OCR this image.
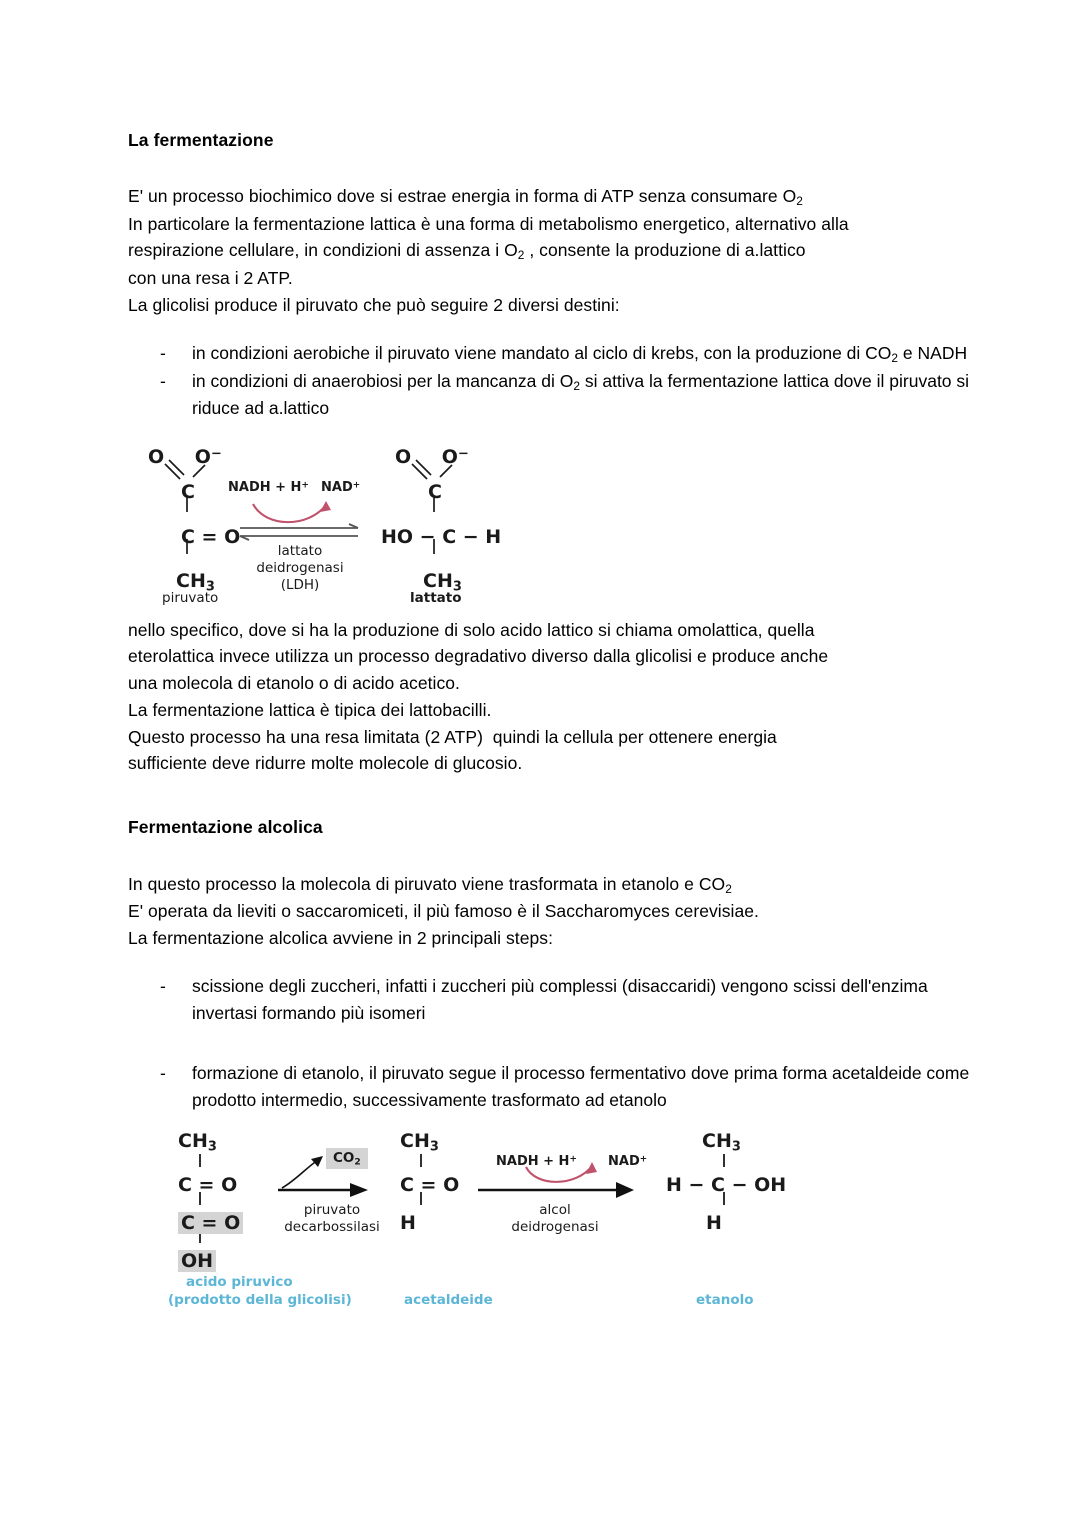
La fermentazione

E' un processo biochimico dove si estrae energia in forma di ATP senza consumare $O_2$
In particolare la fermentazione lattica è una forma di metabolismo energetico, alternativo alla
respirazione cellulare, in condizioni di assenza i $O_2$ , consente la produzione di a.lattico
con una resa i 2 ATP.
La glicolisi produce il piruvato che può seguire 2 diversi destini:

- in condizioni aerobiche il piruvato viene mandato al ciclo di krebs, con la produzione di $CO_2$ e NADH
- in condizioni di anaerobiosi per la mancanza di $O_2$ si attiva la fermentazione lattica dove il piruvato si riduce ad a.lattico

nello specifico, dove si ha la produzione di solo acido lattico si chiama omolattica, quella
eterolattica invece utilizza un processo degradativo diverso dalla glicolisi e produce anche
una molecola di etanolo o di acido acetico.
La fermentazione lattica è tipica dei lattobacilli.
Questo processo ha una resa limitata (2 ATP)  quindi la cellula per ottenere energia
sufficiente deve ridurre molte molecole di glucosio.

Fermentazione alcolica

In questo processo la molecola di piruvato viene trasformata in etanolo e $CO_2$
E' operata da lieviti o saccaromiceti, il più famoso è il Saccharomyces cerevisiae.
La fermentazione alcolica avviene in 2 principali steps:

- scissione degli zuccheri, infatti i zuccheri più complessi (disaccaridi) vengono scissi dell'enzima invertasi formando più isomeri
- formazione di etanolo, il piruvato segue il processo fermentativo dove prima forma acetaldeide come prodotto intermedio, successivamente trasformato ad etanolo
O O−
C
C = O
$CH_3$
piruvato
NADH + H+ NAD+
lattato
deidrogenasi
(LDH)
O O−
C
HO − C − H
$CH_3$
lattato
$CH_3$
C = O
C = O
OH
acido piruvico
(prodotto della glicolisi)
$CO_2$
piruvato
decarbossilasi
$CH_3$
C = O
H
acetaldeide
NADH + H+ NAD+
alcol
deidrogenasi
$CH_3$
H − C − OH
H
etanolo
